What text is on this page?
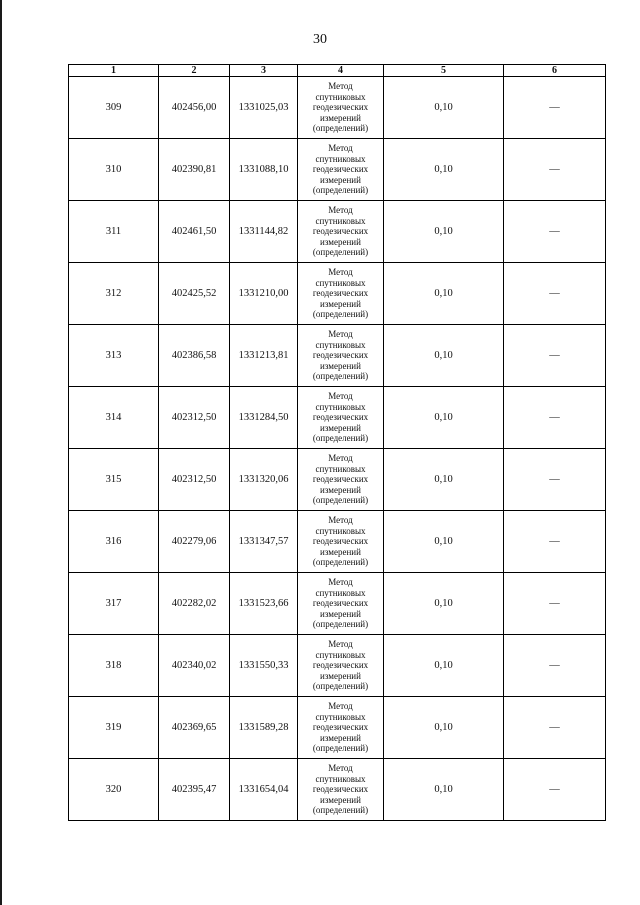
30
1	2	3	4	5	6
309	402456,00	1331025,03	Метод
спутниковых
геодезических
измерений
(определений)	0,10	—
310	402390,81	1331088,10	Метод
спутниковых
геодезических
измерений
(определений)	0,10	—
311	402461,50	1331144,82	Метод
спутниковых
геодезических
измерений
(определений)	0,10	—
312	402425,52	1331210,00	Метод
спутниковых
геодезических
измерений
(определений)	0,10	—
313	402386,58	1331213,81	Метод
спутниковых
геодезических
измерений
(определений)	0,10	—
314	402312,50	1331284,50	Метод
спутниковых
геодезических
измерений
(определений)	0,10	—
315	402312,50	1331320,06	Метод
спутниковых
геодезических
измерений
(определений)	0,10	—
316	402279,06	1331347,57	Метод
спутниковых
геодезических
измерений
(определений)	0,10	—
317	402282,02	1331523,66	Метод
спутниковых
геодезических
измерений
(определений)	0,10	—
318	402340,02	1331550,33	Метод
спутниковых
геодезических
измерений
(определений)	0,10	—
319	402369,65	1331589,28	Метод
спутниковых
геодезических
измерений
(определений)	0,10	—
320	402395,47	1331654,04	Метод
спутниковых
геодезических
измерений
(определений)	0,10	—
